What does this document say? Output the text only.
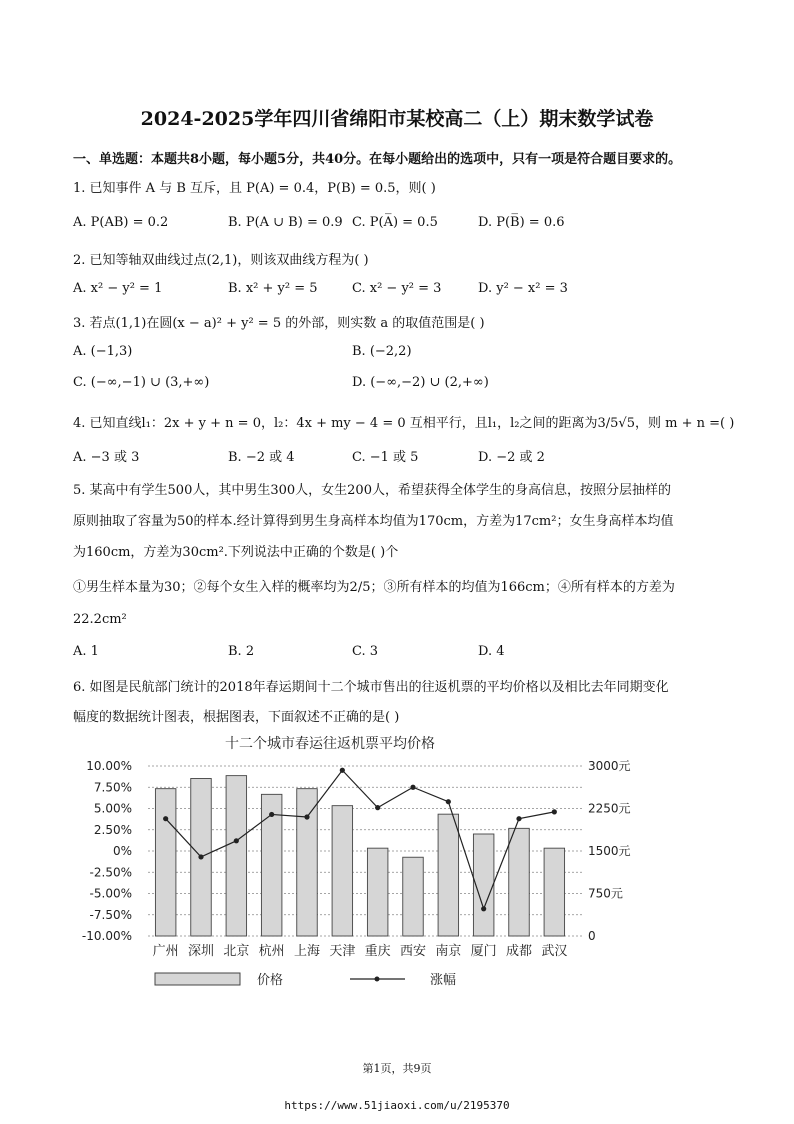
2024-2025学年四川省绵阳市某校高二（上）期末数学试卷
一、单选题：本题共8小题，每小题5分，共40分。在每小题给出的选项中，只有一项是符合题目要求的。
1. 已知事件 A 与 B 互斥，且 P(A) = 0.4，P(B) = 0.5，则( )
A. P(AB) = 0.2	B. P(A ∪ B) = 0.9 C. P(A̅) = 0.5	D. P(B̅) = 0.6
2. 已知等轴双曲线过点(2,1)，则该双曲线方程为( )
A. x² − y² = 1	B. x² + y² = 5	C. x² − y² = 3	D. y² − x² = 3
3. 若点(1,1)在圆(x − a)² + y² = 5 的外部，则实数 a 的取值范围是( )
A. (−1,3)	B. (−2,2)
C. (−∞,−1) ∪ (3,+∞)	D. (−∞,−2) ∪ (2,+∞)
4. 已知直线l₁：2x + y + n = 0，l₂：4x + my − 4 = 0 互相平行，且l₁，l₂之间的距离为3/5√5，则 m + n =( )
A. −3 或 3	B. −2 或 4	C. −1 或 5	D. −2 或 2
5. 某高中有学生500人，其中男生300人，女生200人，希望获得全体学生的身高信息，按照分层抽样的
原则抽取了容量为50的样本.经计算得到男生身高样本均值为170cm，方差为17cm²；女生身高样本均值
为160cm，方差为30cm².下列说法中正确的个数是( )个
①男生样本量为30；②每个女生入样的概率均为2/5；③所有样本的均值为166cm；④所有样本的方差为
22.2cm²
A. 1	B. 2	C. 3	D. 4
6. 如图是民航部门统计的2018年春运期间十二个城市售出的往返机票的平均价格以及相比去年同期变化
幅度的数据统计图表，根据图表，下面叙述不正确的是( )
十二个城市春运往返机票平均价格
10.00%
7.50%
5.00%
2.50%
0%
-2.50%
-5.00%
-7.50%
-10.00%
3000元
2250元
1500元
750元
0
广州 深圳 北京 杭州 上海 天津 重庆 西安 南京 厦门 成都 武汉
价格	涨幅
第1页，共9页
https://www.51jiaoxi.com/u/2195370
